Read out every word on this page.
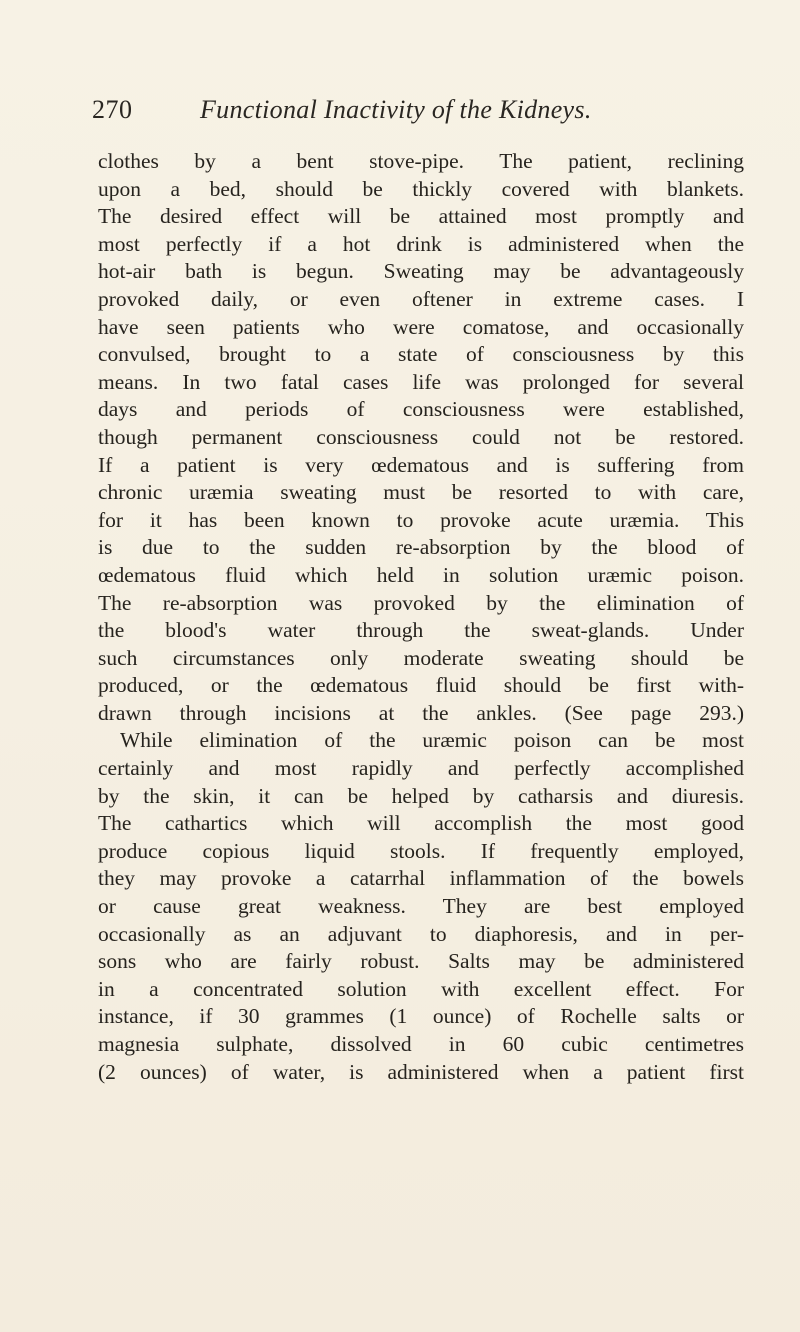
270	Functional Inactivity of the Kidneys.
clothes by a bent stove-pipe. The patient, reclining
upon a bed, should be thickly covered with blankets.
The desired effect will be attained most promptly and
most perfectly if a hot drink is administered when the
hot-air bath is begun. Sweating may be advantageously
provoked daily, or even oftener in extreme cases. I
have seen patients who were comatose, and occasionally
convulsed, brought to a state of consciousness by this
means. In two fatal cases life was prolonged for several
days and periods of consciousness were established,
though permanent consciousness could not be restored.
If a patient is very œdematous and is suffering from
chronic uræmia sweating must be resorted to with care,
for it has been known to provoke acute uræmia. This
is due to the sudden re-absorption by the blood of
œdematous fluid which held in solution uræmic poison.
The re-absorption was provoked by the elimination of
the blood's water through the sweat-glands. Under
such circumstances only moderate sweating should be
produced, or the œdematous fluid should be first with-
drawn through incisions at the ankles. (See page 293.)
While elimination of the uræmic poison can be most
certainly and most rapidly and perfectly accomplished
by the skin, it can be helped by catharsis and diuresis.
The cathartics which will accomplish the most good
produce copious liquid stools. If frequently employed,
they may provoke a catarrhal inflammation of the bowels
or cause great weakness. They are best employed
occasionally as an adjuvant to diaphoresis, and in per-
sons who are fairly robust. Salts may be administered
in a concentrated solution with excellent effect. For
instance, if 30 grammes (1 ounce) of Rochelle salts or
magnesia sulphate, dissolved in 60 cubic centimetres
(2 ounces) of water, is administered when a patient first
